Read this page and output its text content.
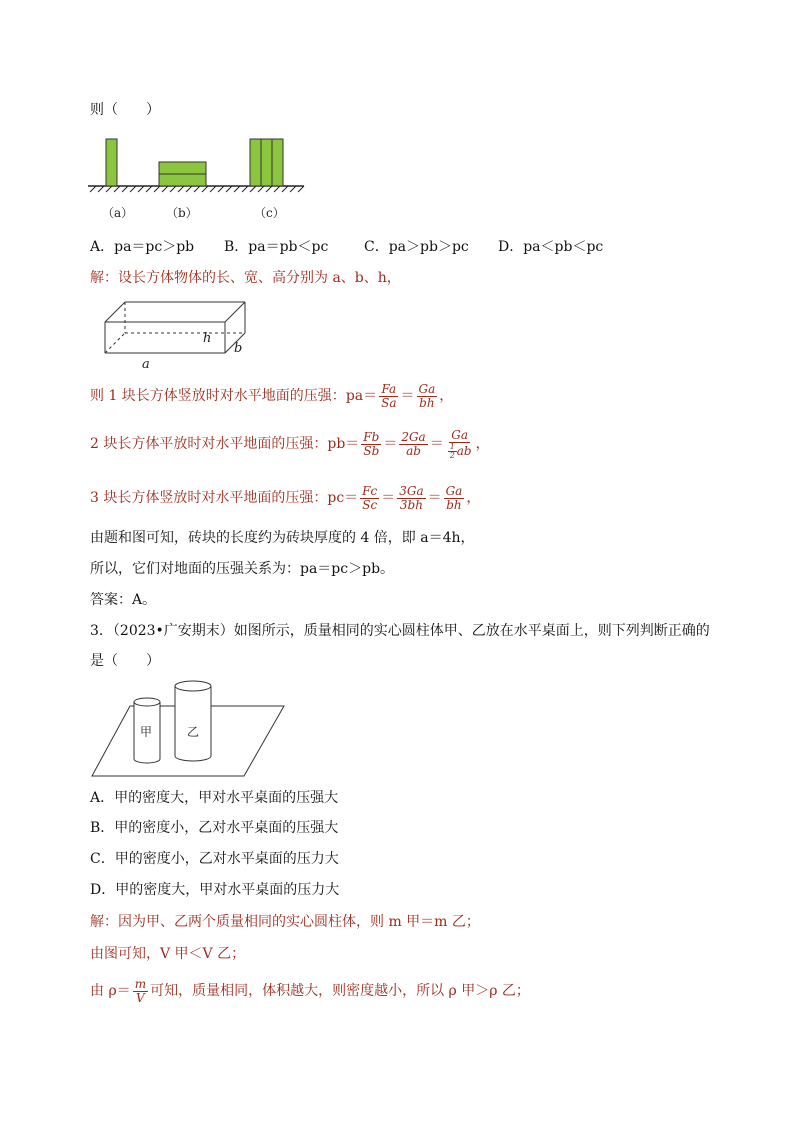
则（　　）
（a）	（b）	（c）
A．pa＝pc＞pb B．pa＝pb＜pc	C．pa＞pb＞pc D．pa＜pb＜pc
解：设长方体物体的长、宽、高分别为 a、b、h，
a
h
b
则 1 块长方体竖放时对水平地面的压强：$pa= \frac{Fa}{Sa} = \frac{Ga}{bh}$ ，
2 块长方体平放时对水平地面的压强：$pb= \frac{Fb}{Sb} = \frac{2Ga}{ab} = \frac{Ga}{\frac{1}{2} ab}$ ，
3 块长方体竖放时对水平地面的压强：$pc= \frac{Fc}{Sc} = \frac{3Ga}{3bh} = \frac{Ga}{bh}$ ，
由题和图可知，砖块的长度约为砖块厚度的 4 倍，即 a＝4h，
所以，它们对地面的压强关系为：pa＝pc＞pb。
答案：A。
3．（2023•广安期末）如图所示，质量相同的实心圆柱体甲、乙放在水平桌面上，则下列判断正确的
是（　　）
甲	乙
A．甲的密度大，甲对水平桌面的压强大
B．甲的密度小，乙对水平桌面的压强大
C．甲的密度小，乙对水平桌面的压力大
D．甲的密度大，甲对水平桌面的压力大
解：因为甲、乙两个质量相同的实心圆柱体，则 m 甲＝m 乙；
由图可知，V 甲＜V 乙；
由 $\rho= \frac{m}{V}$ 可知，质量相同，体积越大，则密度越小，所以 ρ 甲＞ρ 乙；
